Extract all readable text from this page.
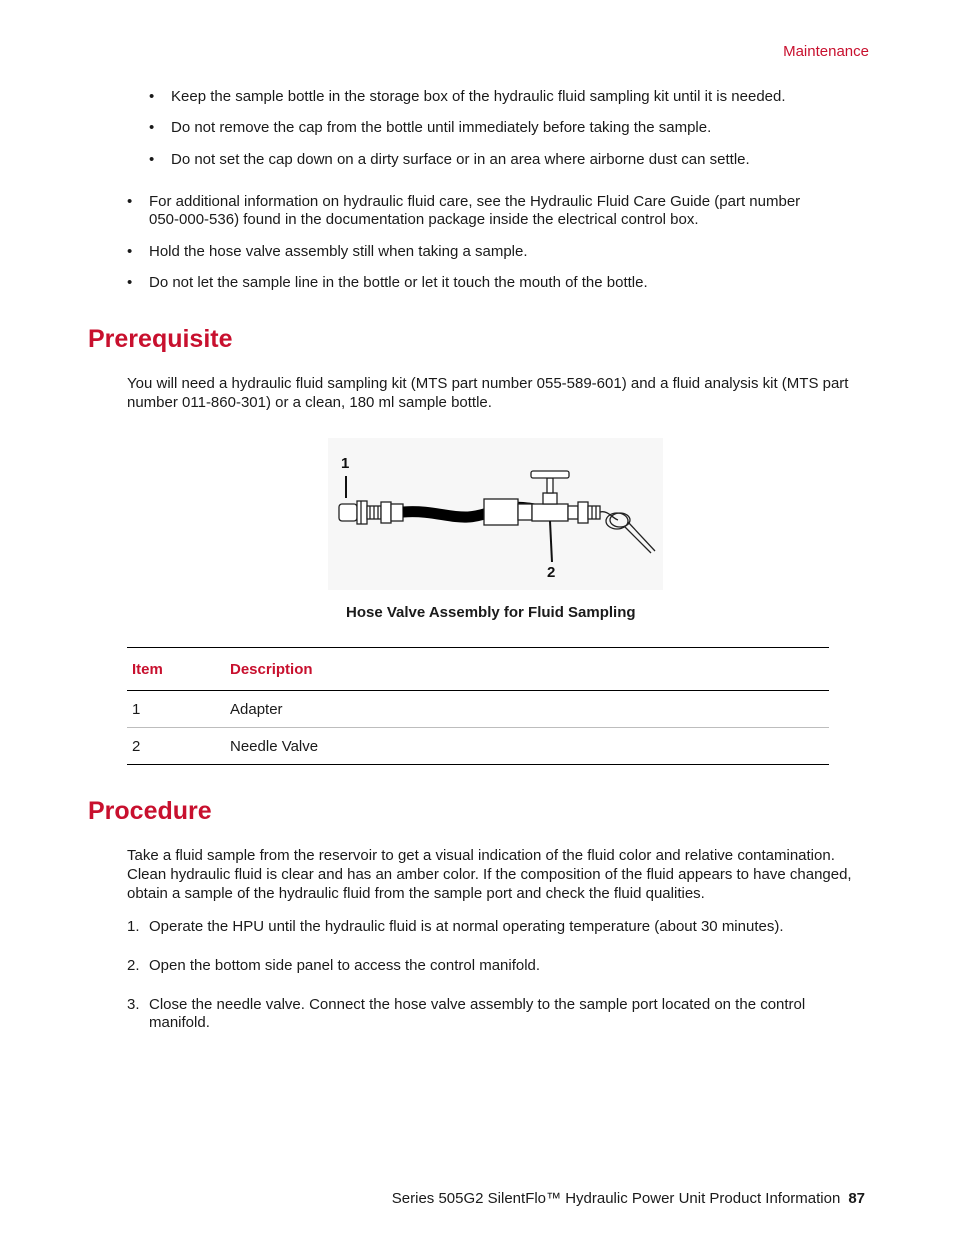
Maintenance
• Keep the sample bottle in the storage box of the hydraulic fluid sampling kit until it is needed.
• Do not remove the cap from the bottle until immediately before taking the sample.
• Do not set the cap down on a dirty surface or in an area where airborne dust can settle.
• For additional information on hydraulic fluid care, see the Hydraulic Fluid Care Guide (part number
050-000-536) found in the documentation package inside the electrical control box.
• Hold the hose valve assembly still when taking a sample.
• Do not let the sample line in the bottle or let it touch the mouth of the bottle.
Prerequisite
You will need a hydraulic fluid sampling kit (MTS part number 055-589-601) and a fluid analysis kit (MTS part
number 011-860-301) or a clean, 180 ml sample bottle.
1
2
Hose Valve Assembly for Fluid Sampling
Item	Description
1	Adapter
2	Needle Valve
Procedure
Take a fluid sample from the reservoir to get a visual indication of the fluid color and relative contamination.
Clean hydraulic fluid is clear and has an amber color. If the composition of the fluid appears to have changed,
obtain a sample of the hydraulic fluid from the sample port and check the fluid qualities.
1. Operate the HPU until the hydraulic fluid is at normal operating temperature (about 30 minutes).
2. Open the bottom side panel to access the control manifold.
3. Close the needle valve. Connect the hose valve assembly to the sample port located on the control
manifold.
Series 505G2 SilentFlo™ Hydraulic Power Unit Product Information 87
